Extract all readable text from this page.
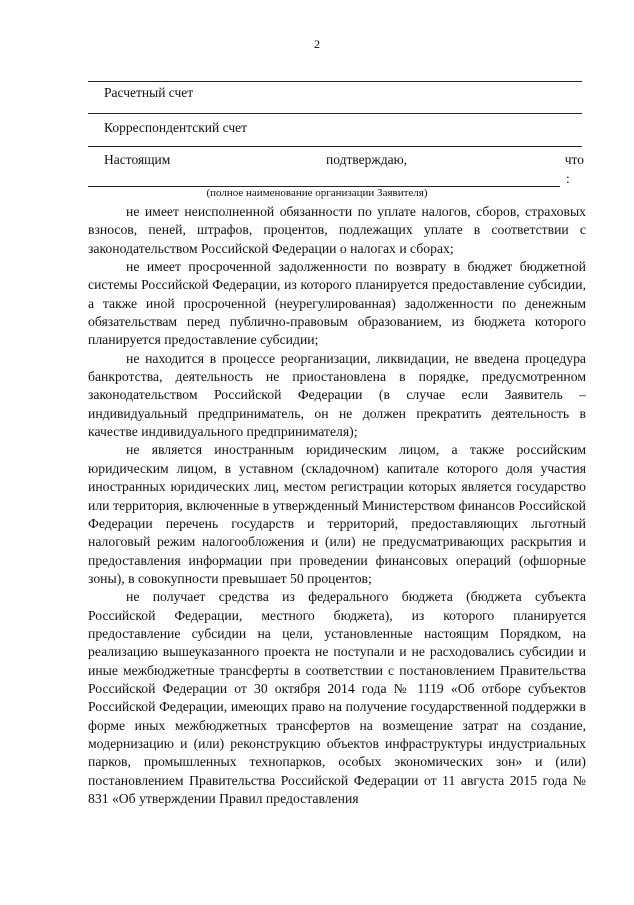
2
Расчетный счет
Корреспондентский счет
Настоящим	подтверждаю,	что
:
(полное наименование организации Заявителя)

не имеет неисполненной обязанности по уплате налогов, сборов, страховых взносов, пеней, штрафов, процентов, подлежащих уплате в соответствии с законодательством Российской Федерации о налогах и сборах;

не имеет просроченной задолженности по возврату в бюджет бюджетной системы Российской Федерации, из которого планируется предоставление субсидии, а также иной просроченной (неурегулированная) задолженности по денежным обязательствам перед публично-правовым образованием, из бюджета которого планируется предоставление субсидии;

не находится в процессе реорганизации, ликвидации, не введена процедура банкротства, деятельность не приостановлена в порядке, предусмотренном законодательством Российской Федерации (в случае если Заявитель – индивидуальный предприниматель, он не должен прекратить деятельность в качестве индивидуального предпринимателя);

не является иностранным юридическим лицом, а также российским юридическим лицом, в уставном (складочном) капитале которого доля участия иностранных юридических лиц, местом регистрации которых является государство или территория, включенные в утвержденный Министерством финансов Российской Федерации перечень государств и территорий, предоставляющих льготный налоговый режим налогообложения и (или) не предусматривающих раскрытия и предоставления информации при проведении финансовых операций (офшорные зоны), в совокупности превышает 50 процентов;

не получает средства из федерального бюджета (бюджета субъекта Российской Федерации, местного бюджета), из которого планируется предоставление субсидии на цели, установленные настоящим Порядком, на реализацию вышеуказанного проекта не поступали и не расходовались субсидии и иные межбюджетные трансферты в соответствии с постановлением Правительства Российской Федерации от 30 октября 2014 года № 1119 «Об отборе субъектов Российской Федерации, имеющих право на получение государственной поддержки в форме иных межбюджетных трансфертов на возмещение затрат на создание, модернизацию и (или) реконструкцию объектов инфраструктуры индустриальных парков, промышленных технопарков, особых экономических зон» и (или) постановлением Правительства Российской Федерации от 11 августа 2015 года № 831 «Об утверждении Правил предоставления
